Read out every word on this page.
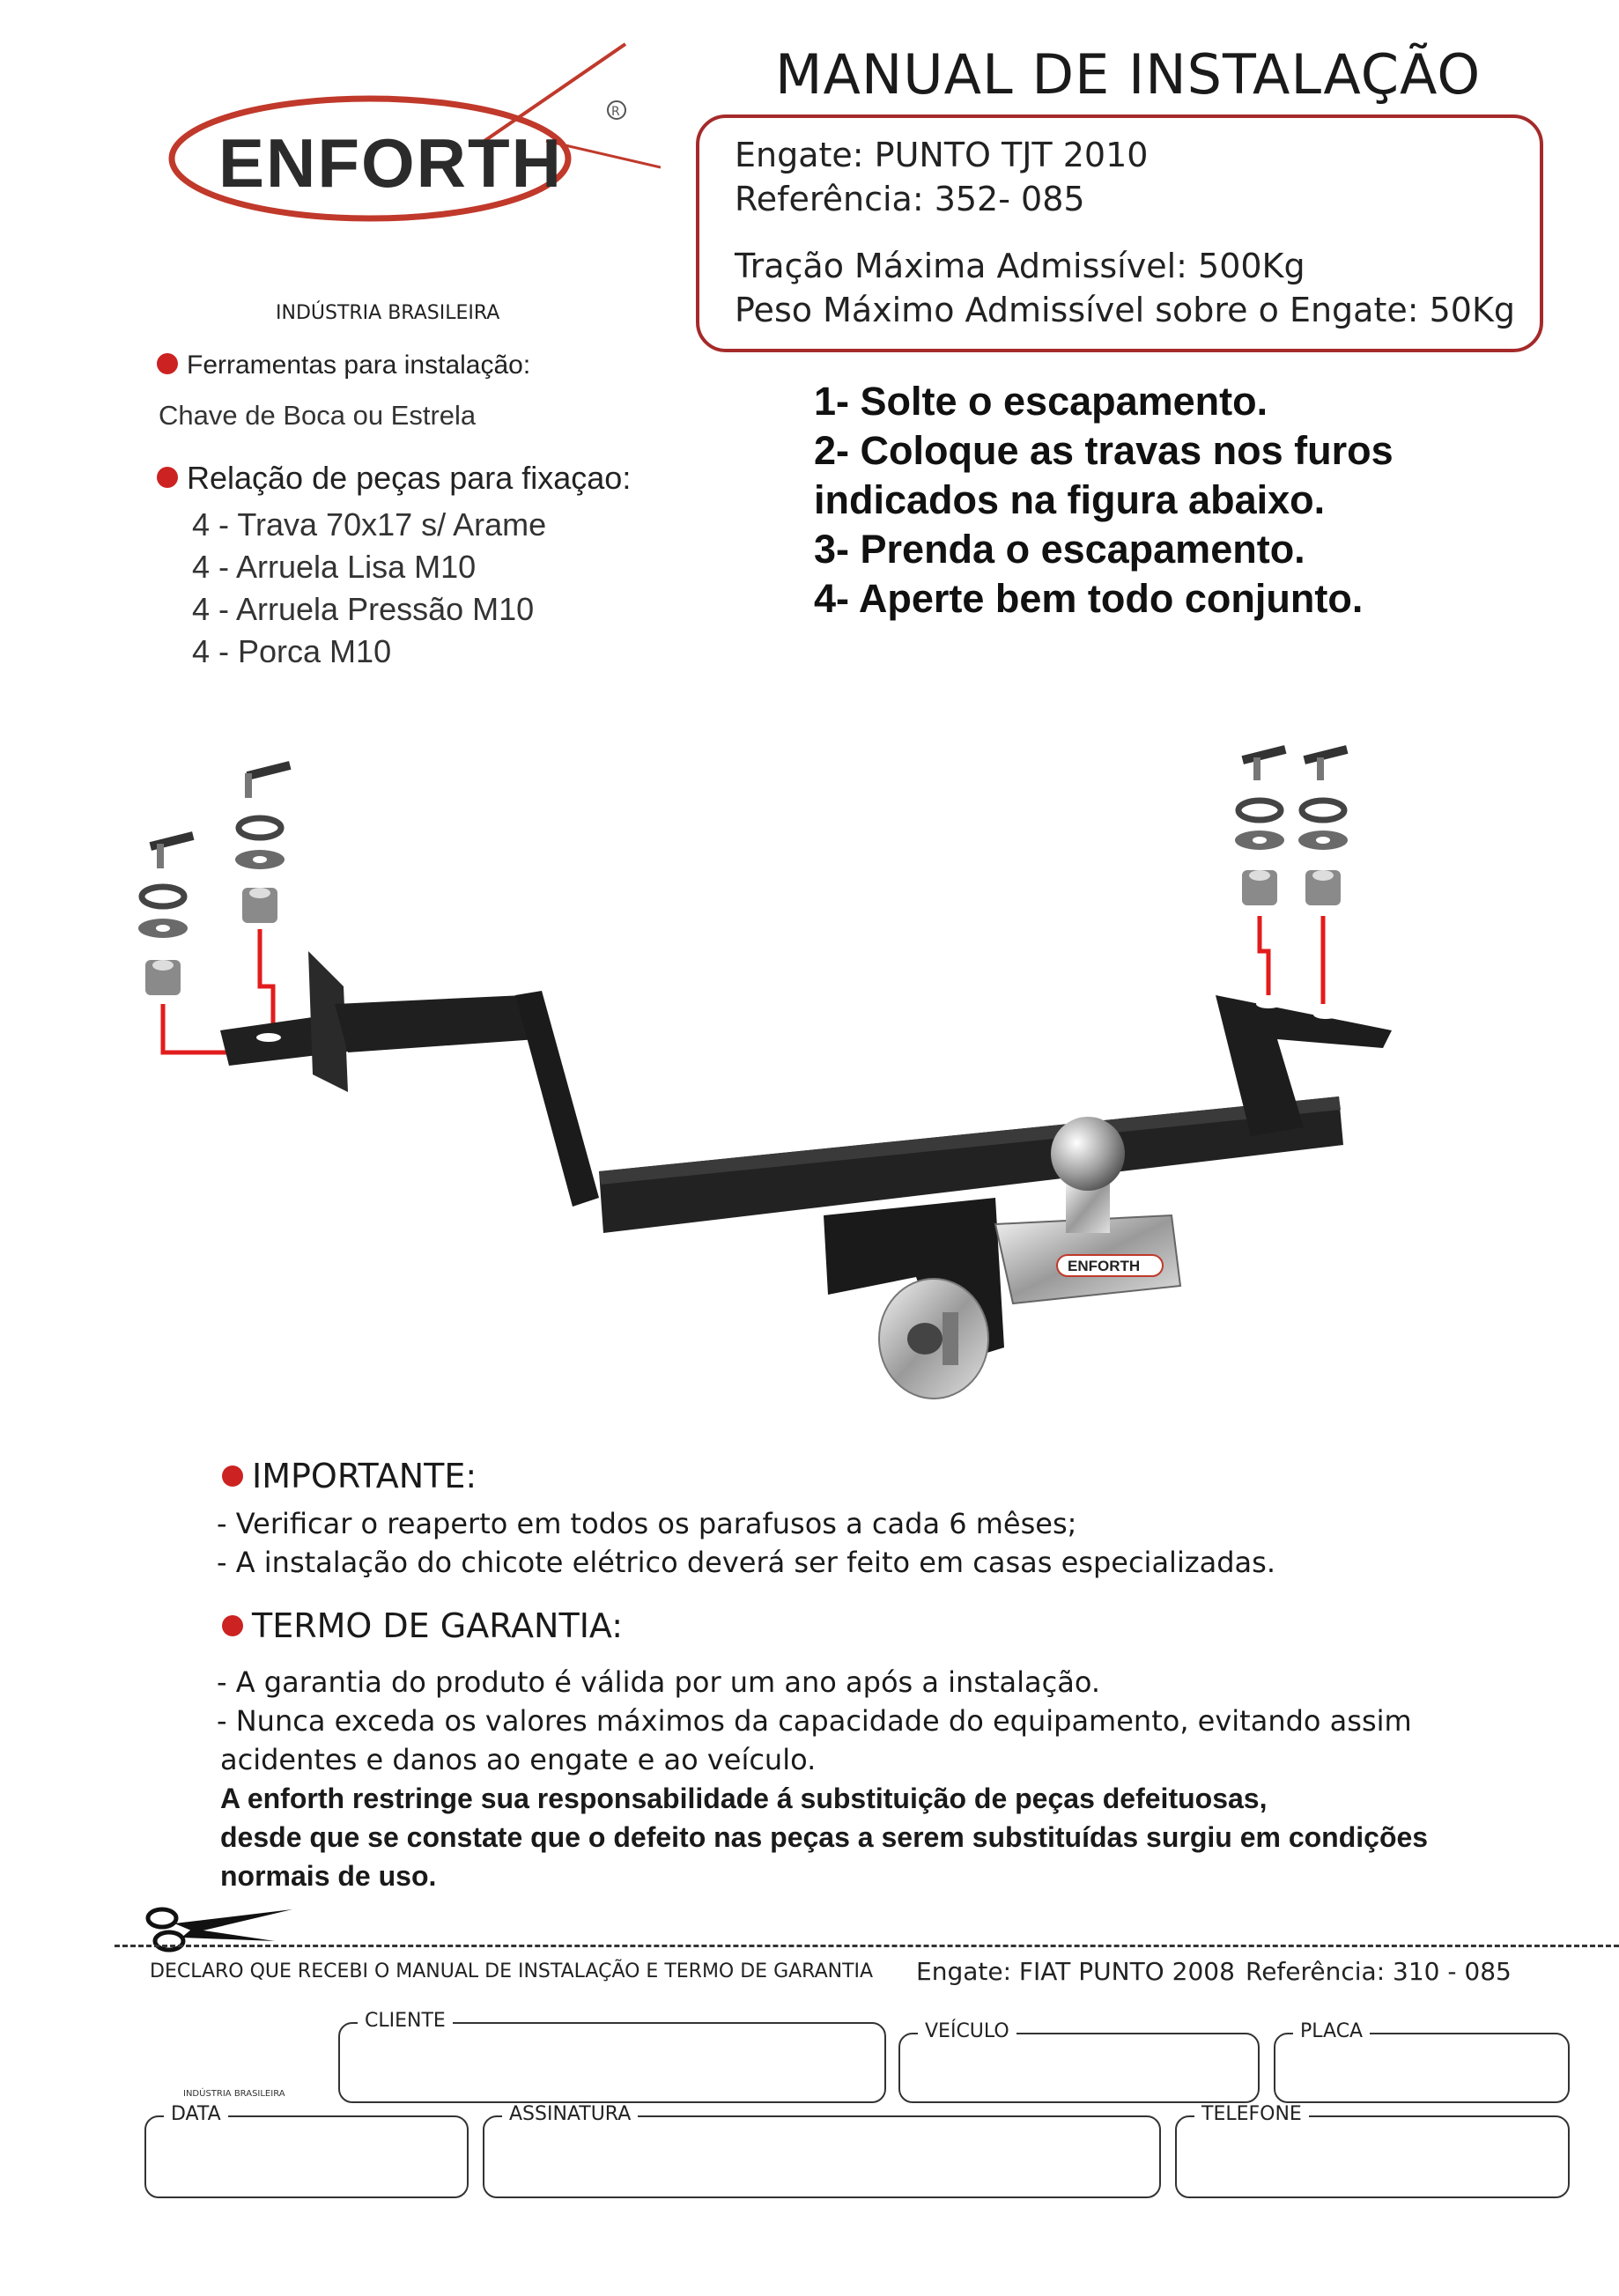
ENFORTH
R
INDÚSTRIA BRASILEIRA
MANUAL DE INSTALAÇÃO
Engate: PUNTO TJT 2010
Referência: 352- 085
Tração Máxima Admissível: 500Kg
Peso Máximo Admissível sobre o Engate: 50Kg
Ferramentas para instalação:
Chave de Boca ou Estrela
Relação de peças para fixaçao:
4 - Trava 70x17 s/ Arame
4 - Arruela Lisa M10
4 - Arruela Pressão M10
4 - Porca M10
1- Solte o escapamento.
2- Coloque as travas nos furos
indicados na figura abaixo.
3- Prenda o escapamento.
4- Aperte bem todo conjunto.
ENFORTH
IMPORTANTE:
- Verificar o reaperto em todos os parafusos a cada 6 mêses;
- A instalação do chicote elétrico deverá ser feito em casas especializadas.
TERMO DE GARANTIA:
- A garantia do produto é válida por um ano após a instalação.
- Nunca exceda os valores máximos da capacidade do equipamento, evitando assim
acidentes e danos ao engate e ao veículo.
A enforth restringe sua responsabilidade á substituição de peças defeituosas,
desde que se constate que o defeito nas peças a serem substituídas surgiu em condições
normais de uso.
DECLARO QUE RECEBI O MANUAL DE INSTALAÇÃO E TERMO DE GARANTIA Engate: FIAT PUNTO 2008 Referência: 310 - 085
CLIENTE	VEÍCULO	PLACA
INDÚSTRIA BRASILEIRA
DATA	ASSINATURA	TELEFONE
